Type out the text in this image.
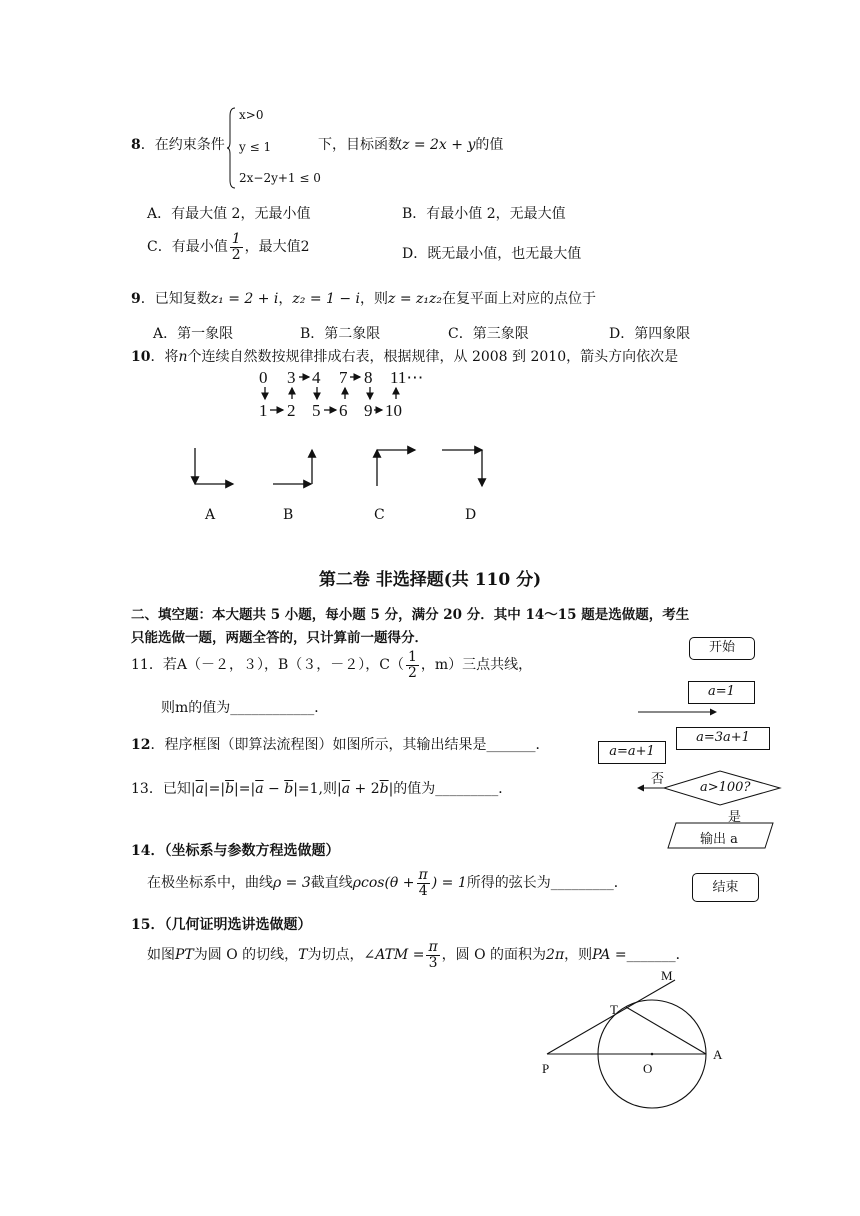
8．在约束条件
x>0
y ≤ 1
2x−2y+1 ≤ 0
下，目标函数z = 2x + y的值
A．有最大值 2，无最小值	B．有最小值 2，无最大值
C．有最小值 $\frac{1}{2}$ ，最大值2	D．既无最小值，也无最大值
9．已知复数z₁ = 2 + i，z₂ = 1 − i，则z = z₁z₂在复平面上对应的点位于
A．第一象限	B．第二象限	C．第三象限	D．第四象限
10．将n个连续自然数按规律排成右表，根据规律，从 2008 到 2010，箭头方向依次是
0 3 4 7 8 11⋯
1 2 5 6 9 10
A	B	C	D
第二卷 非选择题(共 110 分)
二、填空题：本大题共 5 小题，每小题 5 分，满分 20 分．其中 14～15 题是选做题，考生
只能选做一题，两题全答的，只计算前一题得分．
11．若A（－２，３），B（３，－２），$C( \frac{1}{2}$ ，m）三点共线，
则m的值为____________．
12．程序框图（即算法流程图）如图所示，其输出结果是_______．
13．已知$|\overline{a}|=|\overline{b}|=|\overline{a} - \overline{b}|=1$,则$|\overline{a} + 2\overline{b}|$的值为_________．
14．（坐标系与参数方程选做题）
在极坐标系中，曲线ρ = 3截直线$\rho\cos(\theta + \frac{\pi}{4}$ ) = 1所得的弦长为_________．
15．（几何证明选讲选做题）
如图PT为圆 O 的切线，T为切点，∠ATM = $\frac{\pi}{3}$ ，圆 O 的面积为2π，则PA =_______．
M
T
P	O
A
开始
a=1
a=3a+1
a=a+1
a>100?
否
是
输出 a
结束
